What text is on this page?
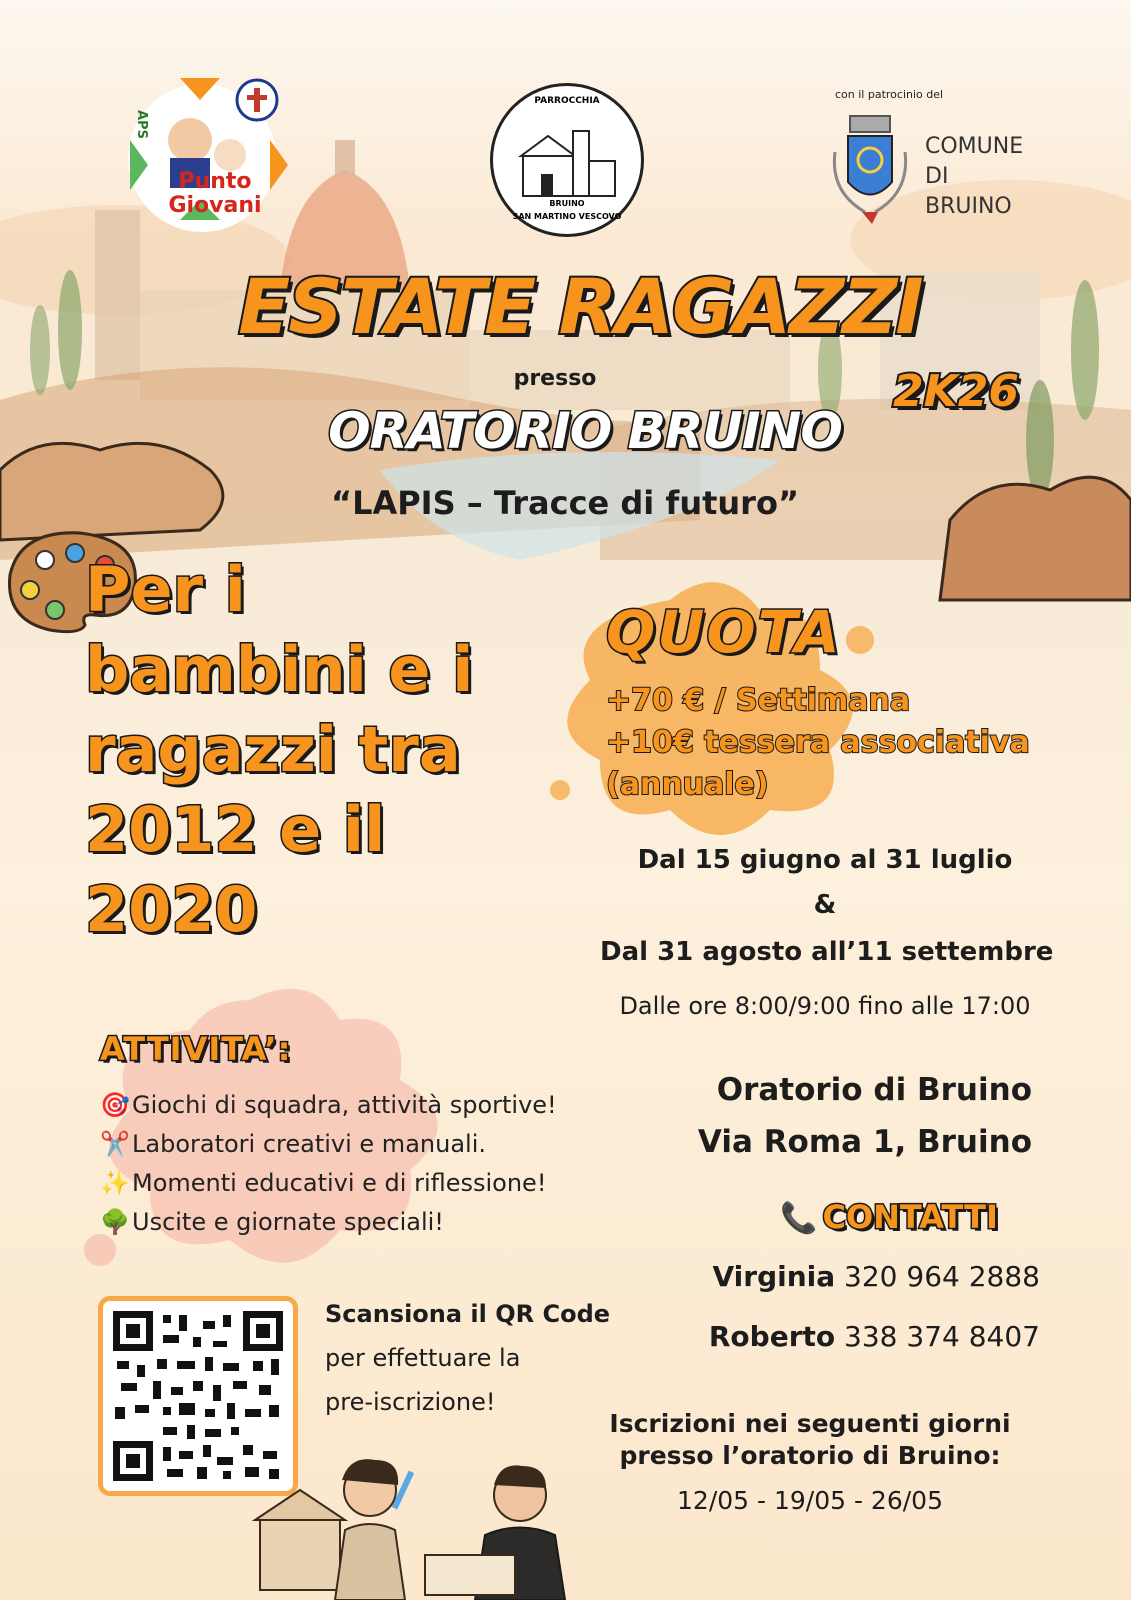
APS
Punto
Giovani
PARROCCHIA
BRUINO
SAN MARTINO VESCOVO
con il patrocinio del
COMUNE
DI BRUINO
ESTATE RAGAZZI
2K26
presso
ORATORIO BRUINO
“LAPIS – Tracce di futuro”
Per i
bambini e i
ragazzi tra
2012 e il
2020
QUOTA
+70 € / Settimana
+10€ tessera associativa
(annuale)
Dal 15 giugno al 31 luglio
&
Dal 31 agosto all’11 settembre
Dalle ore 8:00/9:00 fino alle 17:00
ATTIVITA’:
🎯Giochi di squadra, attività sportive!
✂️Laboratori creativi e manuali.
✨Momenti educativi e di riflessione!
🌳Uscite e giornate speciali!
Oratorio di Bruino
Via Roma 1, Bruino
📞 CONTATTI
Virginia 320 964 2888
Roberto 338 374 8407
Scansiona il QR Code
per effettuare la
pre-iscrizione!
Iscrizioni nei seguenti giorni
presso l’oratorio di Bruino:
12/05 - 19/05 - 26/05
